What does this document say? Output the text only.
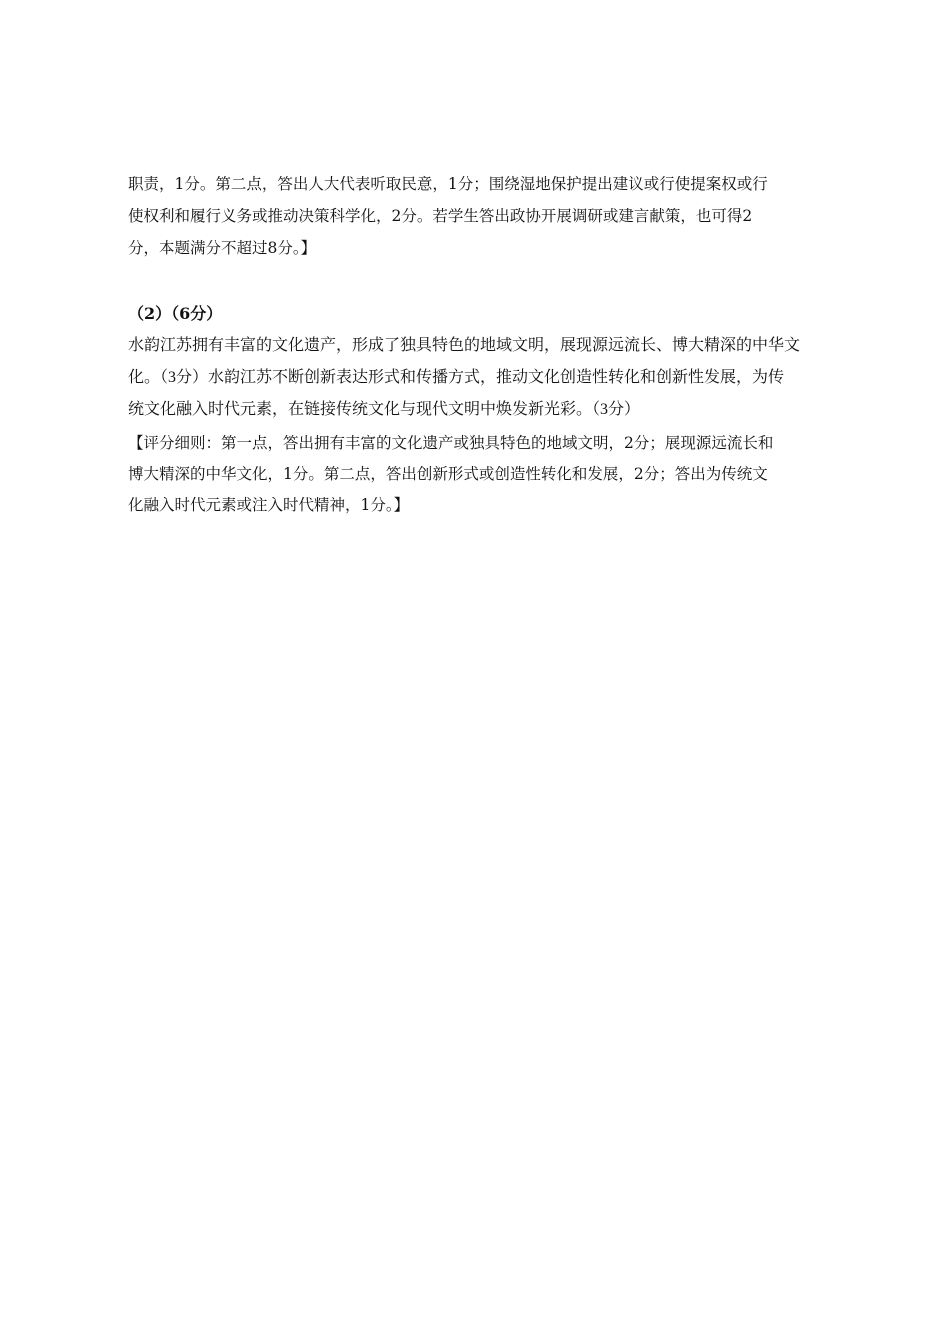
职责，1分。第二点，答出人大代表听取民意，1分；围绕湿地保护提出建议或行使提案权或行
使权利和履行义务或推动决策科学化，2分。若学生答出政协开展调研或建言献策，也可得2
分，本题满分不超过8分。】
（2）（6分）
水韵江苏拥有丰富的文化遗产，形成了独具特色的地域文明，展现源远流长、博大精深的中华文
化。（3分）水韵江苏不断创新表达形式和传播方式，推动文化创造性转化和创新性发展，为传
统文化融入时代元素，在链接传统文化与现代文明中焕发新光彩。（3分）
【评分细则：第一点，答出拥有丰富的文化遗产或独具特色的地域文明，2分；展现源远流长和
博大精深的中华文化，1分。第二点，答出创新形式或创造性转化和发展，2分；答出为传统文
化融入时代元素或注入时代精神，1分。】
